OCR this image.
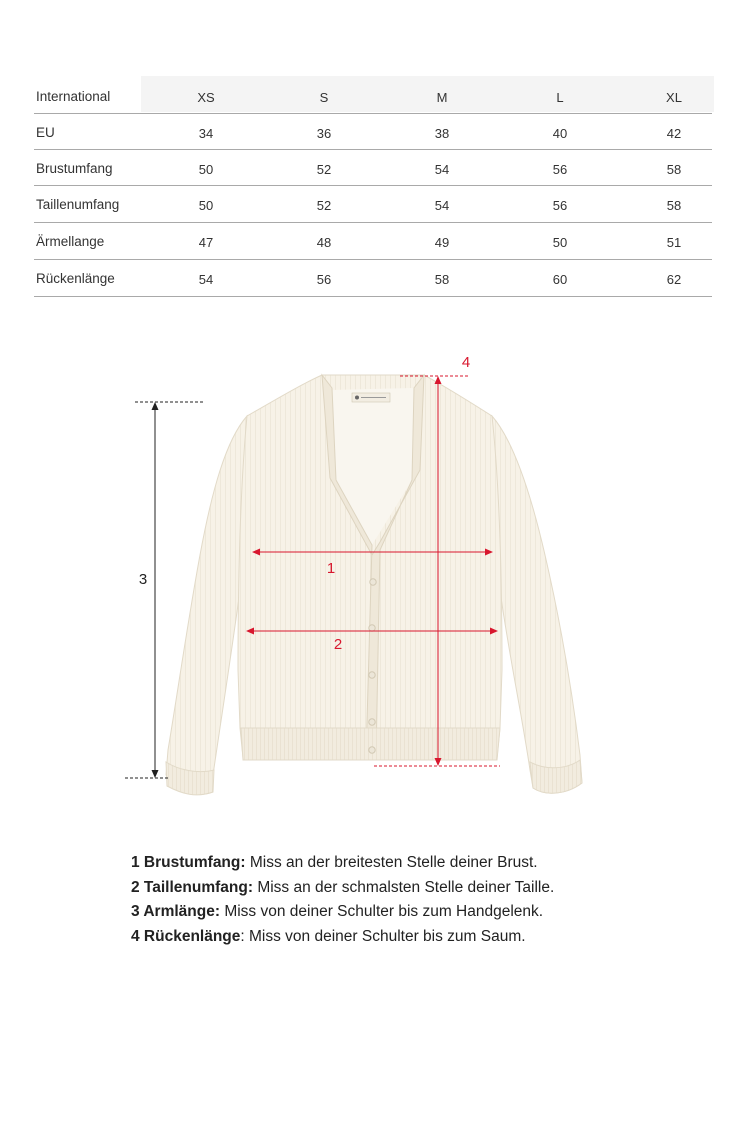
International	XS	S	M	L	XL
EU	34	36	38	40	42
Brustumfang	50	52	54	56	58
Taillenumfang	50	52	54	56	58
Ärmellange	47	48	49	50	51
Rückenlänge	54	56	58	60	62
1
2
3
4
1 Brustumfang: Miss an der breitesten Stelle deiner Brust.
2 Taillenumfang: Miss an der schmalsten Stelle deiner Taille.
3 Armlänge: Miss von deiner Schulter bis zum Handgelenk.
4 Rückenlänge: Miss von deiner Schulter bis zum Saum.
